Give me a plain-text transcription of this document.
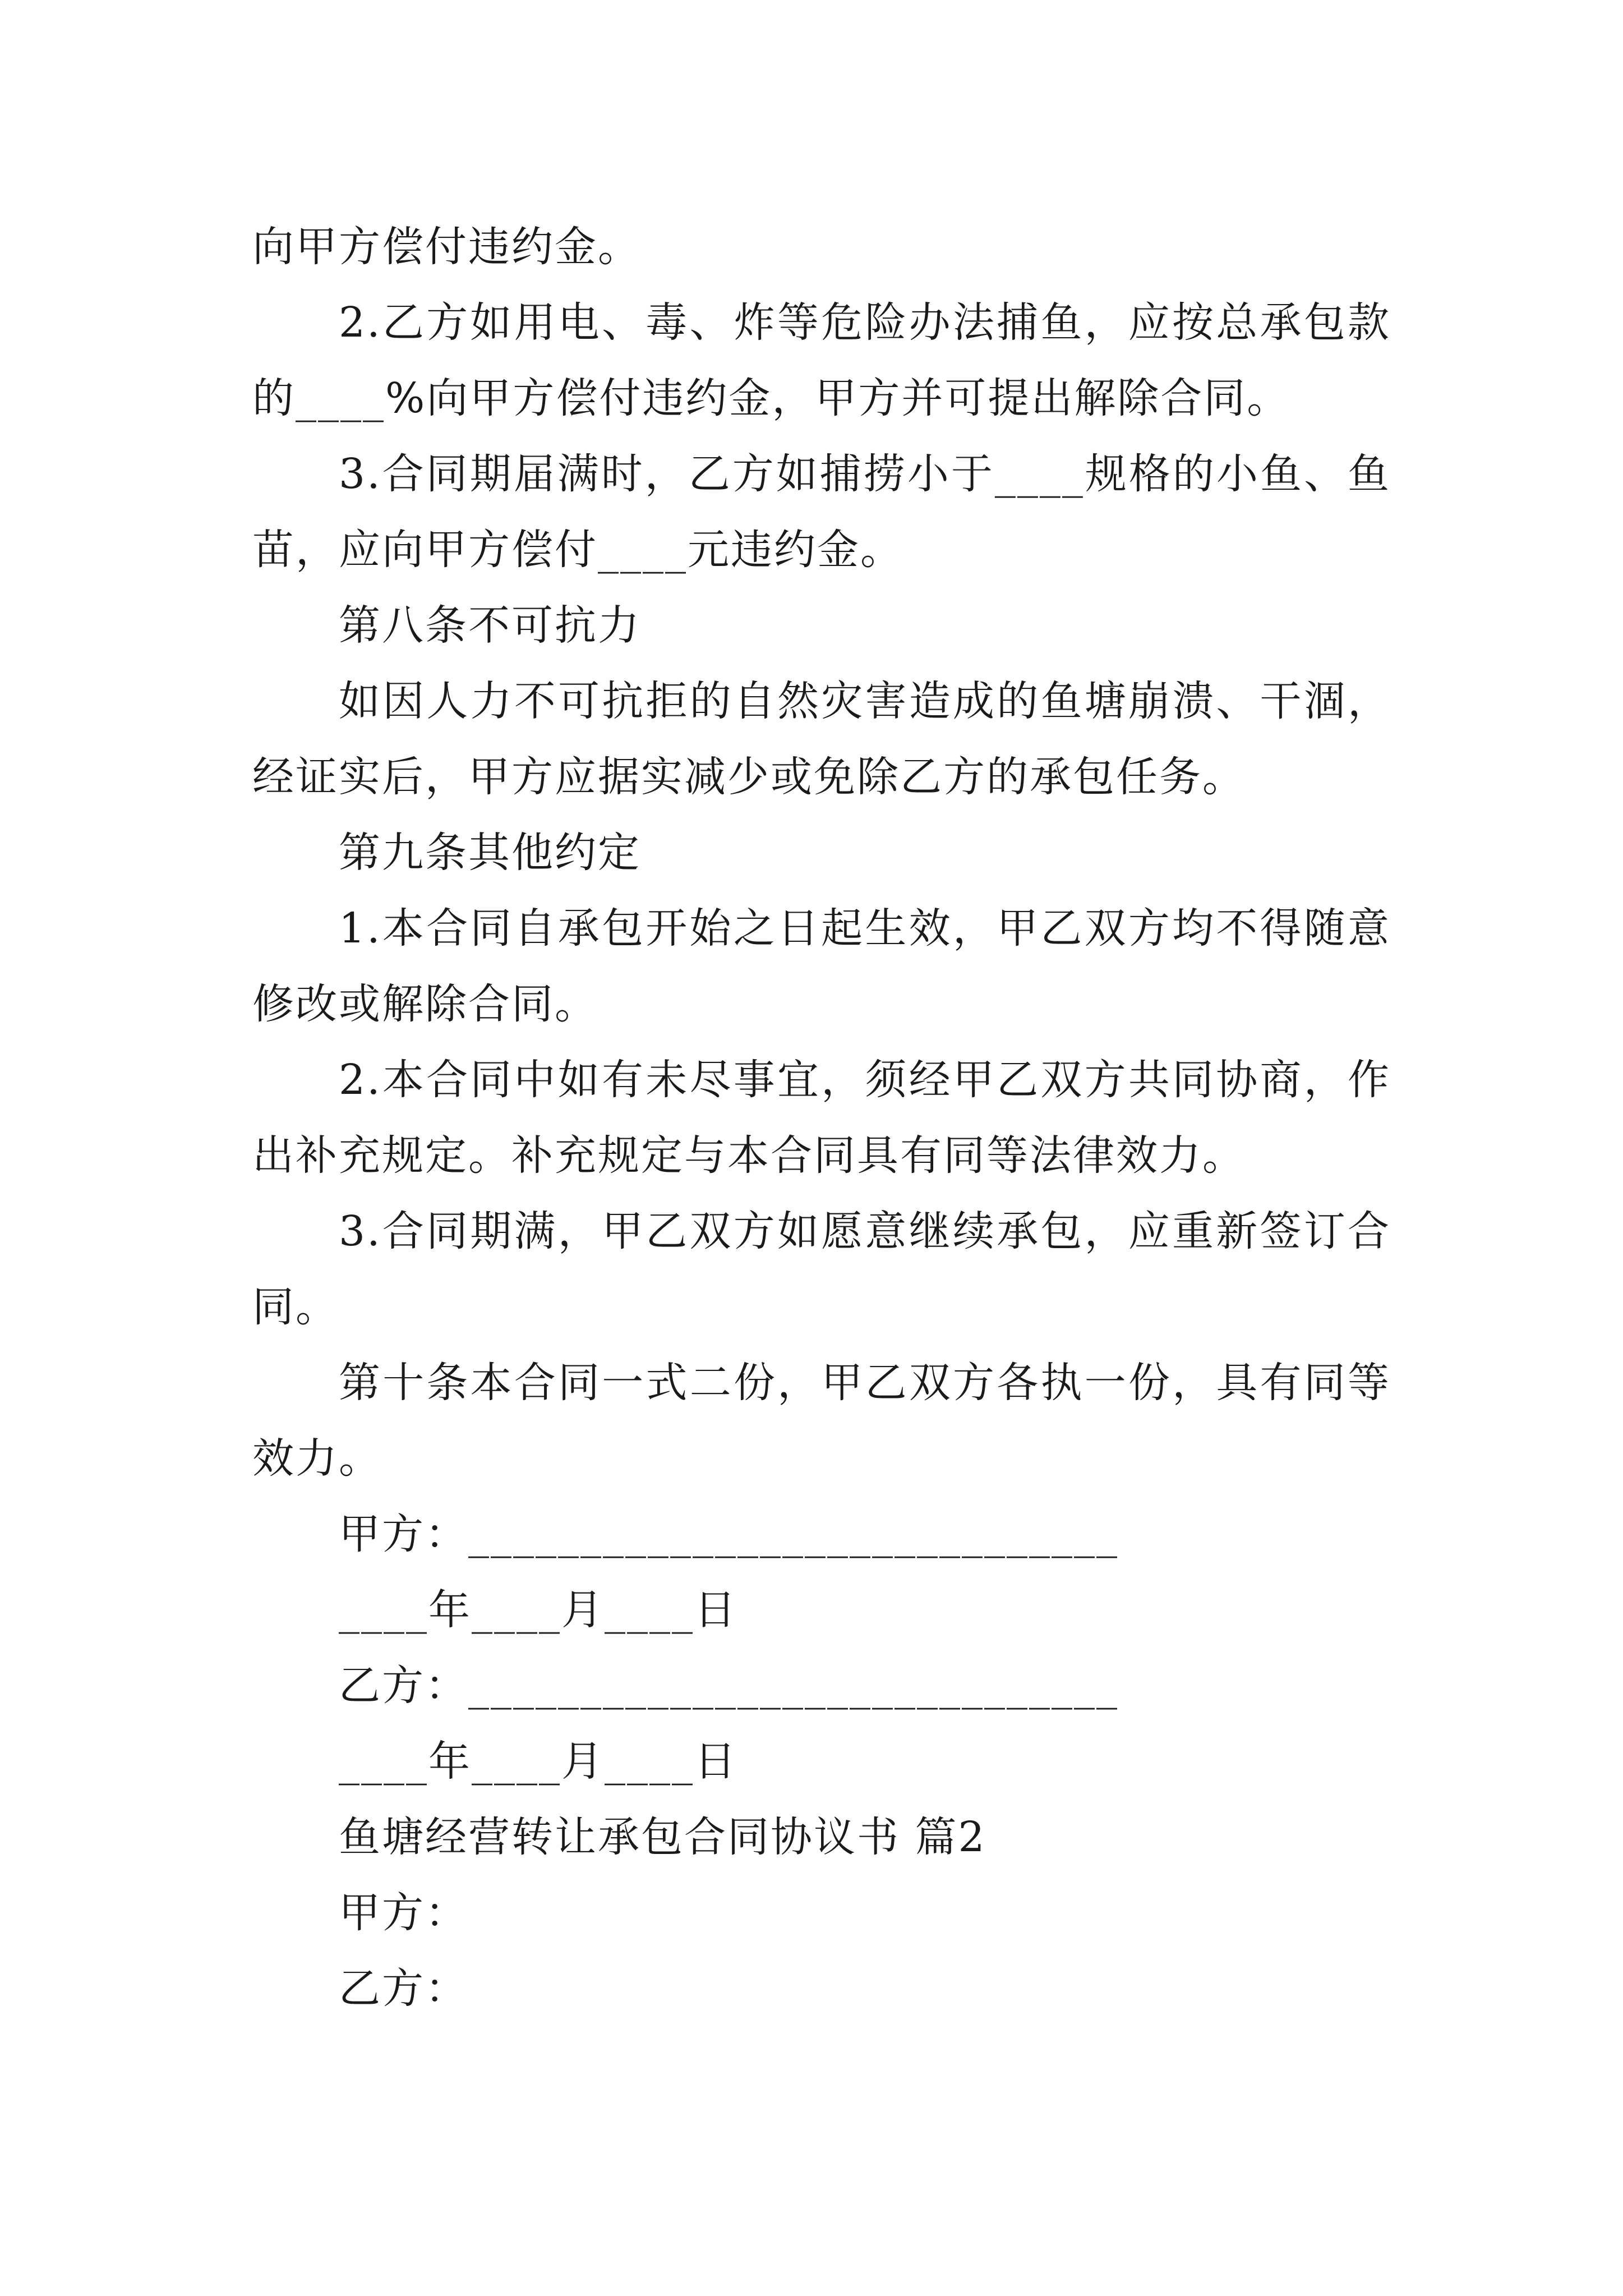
向甲方偿付违约金。
2.乙方如用电、毒、炸等危险办法捕鱼，应按总承包款
的____%向甲方偿付违约金，甲方并可提出解除合同。
3.合同期届满时，乙方如捕捞小于____规格的小鱼、鱼
苗，应向甲方偿付____元违约金。
第八条不可抗力
如因人力不可抗拒的自然灾害造成的鱼塘崩溃、干涸，
经证实后，甲方应据实减少或免除乙方的承包任务。
第九条其他约定
1.本合同自承包开始之日起生效，甲乙双方均不得随意
修改或解除合同。
2.本合同中如有未尽事宜，须经甲乙双方共同协商，作
出补充规定。补充规定与本合同具有同等法律效力。
3.合同期满，甲乙双方如愿意继续承包，应重新签订合
同。
第十条本合同一式二份，甲乙双方各执一份，具有同等
效力。
甲方：_____________________________
____年____月____日
乙方：_____________________________
____年____月____日
鱼塘经营转让承包合同协议书 篇2
甲方：
乙方：
